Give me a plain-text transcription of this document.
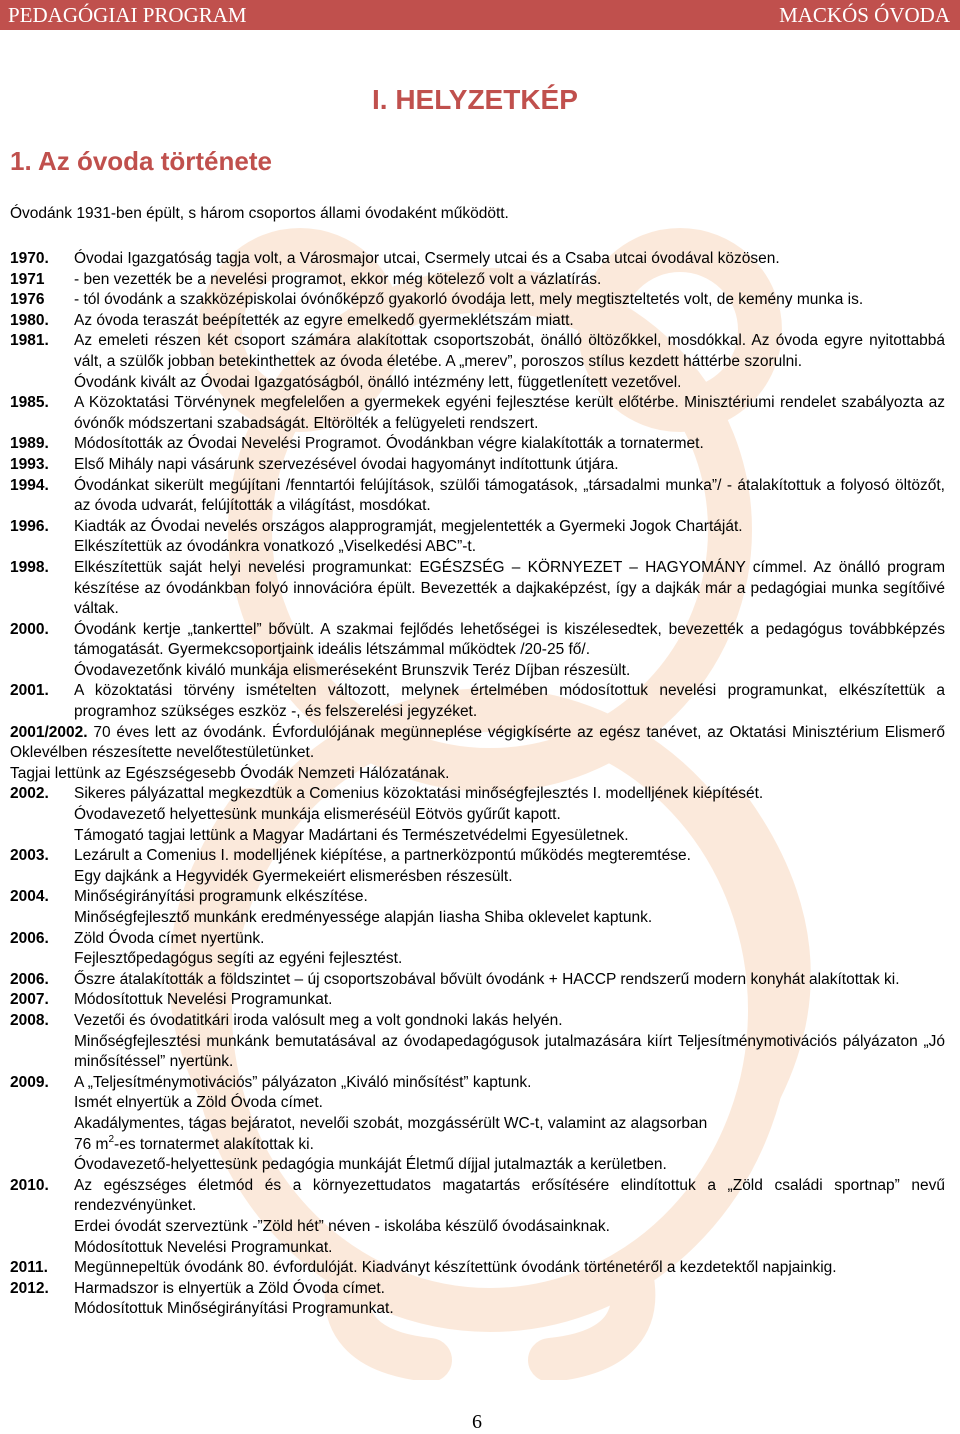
PEDAGÓGIAI PROGRAM	MACKÓS ÓVODA
I. HELYZETKÉP
1. Az óvoda története
Óvodánk 1931-ben épült, s három csoportos állami óvodaként működött.
1970. Óvodai Igazgatóság tagja volt, a Városmajor utcai, Csermely utcai és a Csaba utcai óvodával közösen.
1971 - ben vezették be a nevelési programot, ekkor még kötelező volt a vázlatírás.
1976 - tól óvodánk a szakközépiskolai óvónőképző gyakorló óvodája lett, mely megtiszteltetés volt, de kemény munka is.
1980. Az óvoda teraszát beépítették az egyre emelkedő gyermeklétszám miatt.
1981. Az emeleti részen két csoport számára alakítottak csoportszobát, önálló öltözőkkel, mosdókkal. Az óvoda egyre nyitottabbá vált, a szülők jobban betekinthettek az óvoda életébe. A „merev”, poroszos stílus kezdett háttérbe szorulni.
Óvodánk kivált az Óvodai Igazgatóságból, önálló intézmény lett, függetlenített vezetővel.
1985. A Közoktatási Törvénynek megfelelően a gyermekek egyéni fejlesztése került előtérbe. Minisztériumi rendelet szabályozta az óvónők módszertani szabadságát. Eltörölték a felügyeleti rendszert.
1989. Módosították az Óvodai Nevelési Programot. Óvodánkban végre kialakították a tornatermet.
1993. Első Mihály napi vásárunk szervezésével óvodai hagyományt indítottunk útjára.
1994. Óvodánkat sikerült megújítani /fenntartói felújítások, szülői támogatások, „társadalmi munka”/ - átalakítottuk a folyosó öltözőt, az óvoda udvarát, felújították a világítást, mosdókat.
1996. Kiadták az Óvodai nevelés országos alapprogramját, megjelentették a Gyermeki Jogok Chartáját.
Elkészítettük az óvodánkra vonatkozó „Viselkedési ABC”-t.
1998. Elkészítettük saját helyi nevelési programunkat: EGÉSZSÉG – KÖRNYEZET – HAGYOMÁNY címmel. Az önálló program készítése az óvodánkban folyó innovációra épült. Bevezették a dajkaképzést, így a dajkák már a pedagógiai munka segítőivé váltak.
2000. Óvodánk kertje „tankerttel” bővült. A szakmai fejlődés lehetőségei is kiszélesedtek, bevezették a pedagógus továbbképzés támogatását. Gyermekcsoportjaink ideális létszámmal működtek /20-25 fő/.
Óvodavezetőnk kiváló munkája elismeréseként Brunszvik Teréz Díjban részesült.
2001. A közoktatási törvény ismételten változott, melynek értelmében módosítottuk nevelési programunkat, elkészítettük a programhoz szükséges eszköz -, és felszerelési jegyzéket.
2001/2002. 70 éves lett az óvodánk. Évfordulójának megünneplése végigkísérte az egész tanévet, az Oktatási Minisztérium Elismerő Oklevélben részesítette nevelőtestületünket.

Tagjai lettünk az Egészségesebb Óvodák Nemzeti Hálózatának.
2002. Sikeres pályázattal megkezdtük a Comenius közoktatási minőségfejlesztés I. modelljének kiépítését.
Óvodavezető helyettesünk munkája elismeréséül Eötvös gyűrűt kapott.
Támogató tagjai lettünk a Magyar Madártani és Természetvédelmi Egyesületnek.
2003. Lezárult a Comenius I. modelljének kiépítése, a partnerközpontú működés megteremtése.
Egy dajkánk a Hegyvidék Gyermekeiért elismerésben részesült.
2004. Minőségirányítási programunk elkészítése.
Minőségfejlesztő munkánk eredményessége alapján Iiasha Shiba oklevelet kaptunk.
2006. Zöld Óvoda címet nyertünk.
Fejlesztőpedagógus segíti az egyéni fejlesztést.
2006. Őszre átalakították a földszintet – új csoportszobával bővült óvodánk + HACCP rendszerű modern konyhát alakítottak ki.
2007. Módosítottuk Nevelési Programunkat.
2008. Vezetői és óvodatitkári iroda valósult meg a volt gondnoki lakás helyén.
Minőségfejlesztési munkánk bemutatásával az óvodapedagógusok jutalmazására kiírt Teljesítménymotivációs pályázaton „Jó minősítéssel” nyertünk.
2009. A „Teljesítménymotivációs” pályázaton „Kiváló minősítést” kaptunk.
Ismét elnyertük a Zöld Óvoda címet.
Akadálymentes, tágas bejáratot, nevelői szobát, mozgássérült WC-t, valamint az alagsorban
76 $m^2-es$ tornatermet alakítottak ki.
Óvodavezető-helyettesünk pedagógia munkáját Életmű díjjal jutalmazták a kerületben.
2010. Az egészséges életmód és a környezettudatos magatartás erősítésére elindítottuk a „Zöld családi sportnap” nevű rendezvényünket.
Erdei óvodát szerveztünk -”Zöld hét” néven - iskolába készülő óvodásainknak.
Módosítottuk Nevelési Programunkat.
2011. Megünnepeltük óvodánk 80. évfordulóját. Kiadványt készítettünk óvodánk történetéről a kezdetektől napjainkig.
2012. Harmadszor is elnyertük a Zöld Óvoda címet.
Módosítottuk Minőségirányítási Programunkat.
6
